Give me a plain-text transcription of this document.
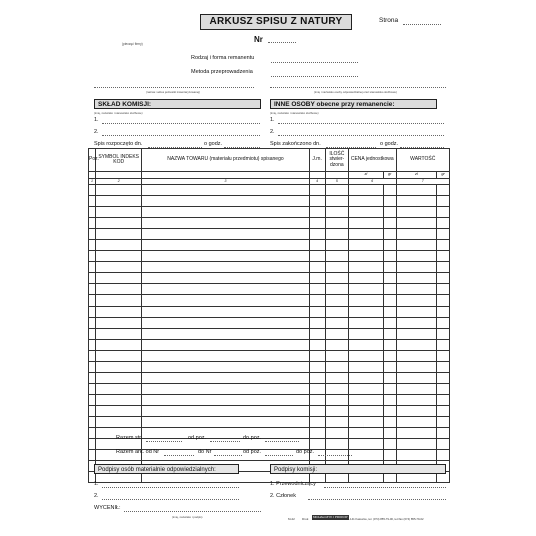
ARKUSZ SPISU Z NATURY	Strona
Nr
(pieczęć firmy)
Rodzaj i forma remanentu
Metoda przeprowadzenia
(nazwa i adres jednostki inwentaryzowanej)	(imię i nazwisko osoby odpowiedzialnej oraz stanowisko służbowe)
SKŁAD KOMISJI:
(imię, nazwisko i stanowisko służbowe)
1.
2.
Spis rozpoczęto dn.	o godz.
INNE OSOBY obecne przy remanencie:
(imię, nazwisko i stanowisko służbowe)
1.
2.
Spis zakończono dn.	o godz.
Poz.	SYMBOL INDEKS KOD	NAZWA TOWARU (materiału przedmiotu) spisanego	J.m.	ILOŚĆ stwier-dzona	CENA jednostkowa		WARTOŚĆ	
					zł	gr	zł	gr
1	2	3	4	5	6		7	

Razem str.	od poz.	do poz.
Razem ark. od Nr	do Nr	od poz.	do poz.
Podpisy osób materialnie odpowiedzialnych:	Podpisy komisji:
1.
2.
1. Przewodniczący
2. Członek
WYCENIŁ:
(imię, nazwisko i podpis)	M-22 Druk	MICHALCZYK I PROKOP
45-141 Katowice, tel. (074) 855-79-00, tel./fax (074) 855-79-02
